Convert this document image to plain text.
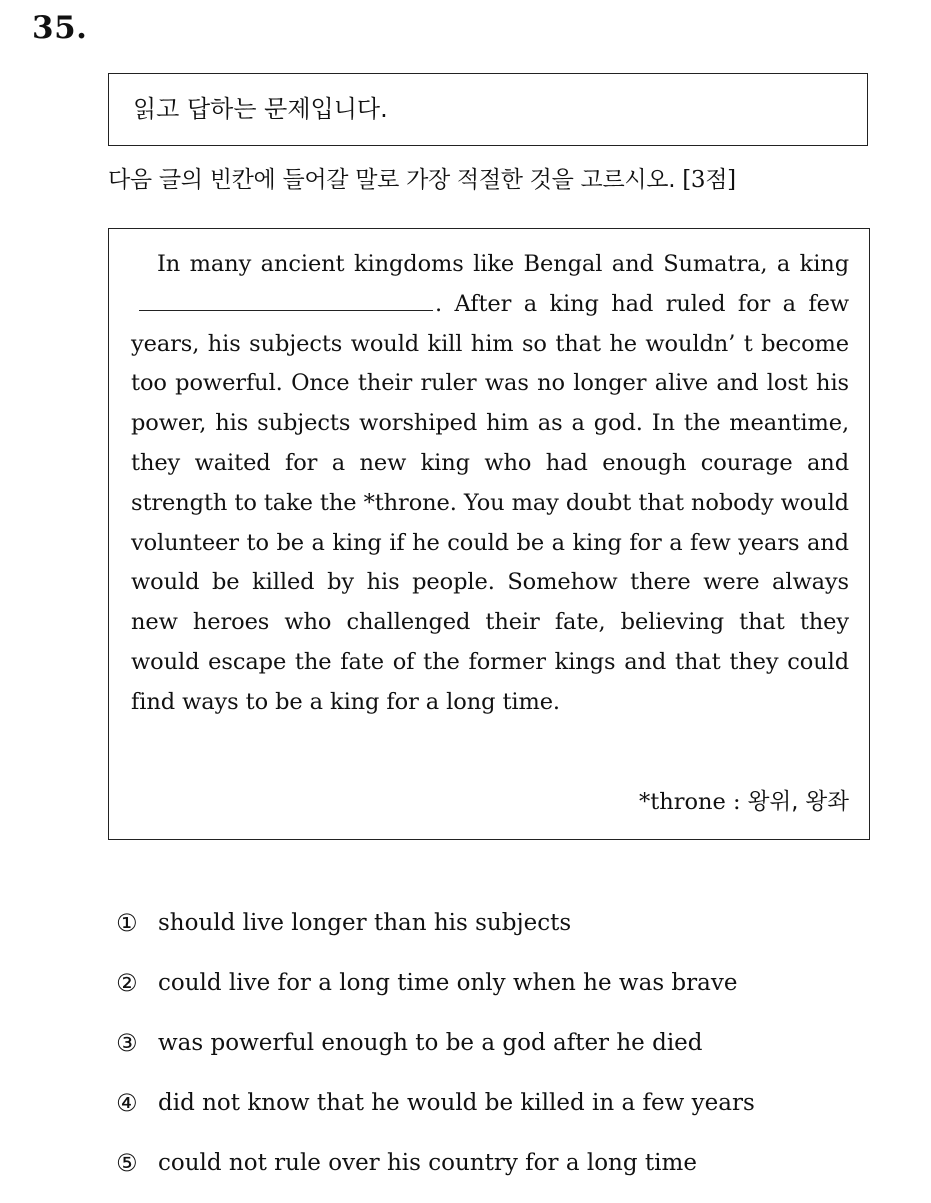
35.
읽고 답하는 문제입니다.
다음 글의 빈칸에 들어갈 말로 가장 적절한 것을 고르시오. [3점]

In many ancient kingdoms like Bengal and Sumatra, a king. After a king had ruled for a few years, his subjects would kill him so that he wouldn’ t become too powerful. Once their ruler was no longer alive and lost his power, his subjects worshiped him as a god. In the meantime, they waited for a new king who had enough courage and strength to take the *throne. You may doubt that nobody would volunteer to be a king if he could be a king for a few years and would be killed by his people. Somehow there were always new heroes who challenged their fate, believing that they would escape the fate of the former kings and that they could find ways to be a king for a long time.

*throne : 왕위, 왕좌
① should live longer than his subjects
② could live for a long time only when he was brave
③ was powerful enough to be a god after he died
④ did not know that he would be killed in a few years
⑤ could not rule over his country for a long time
